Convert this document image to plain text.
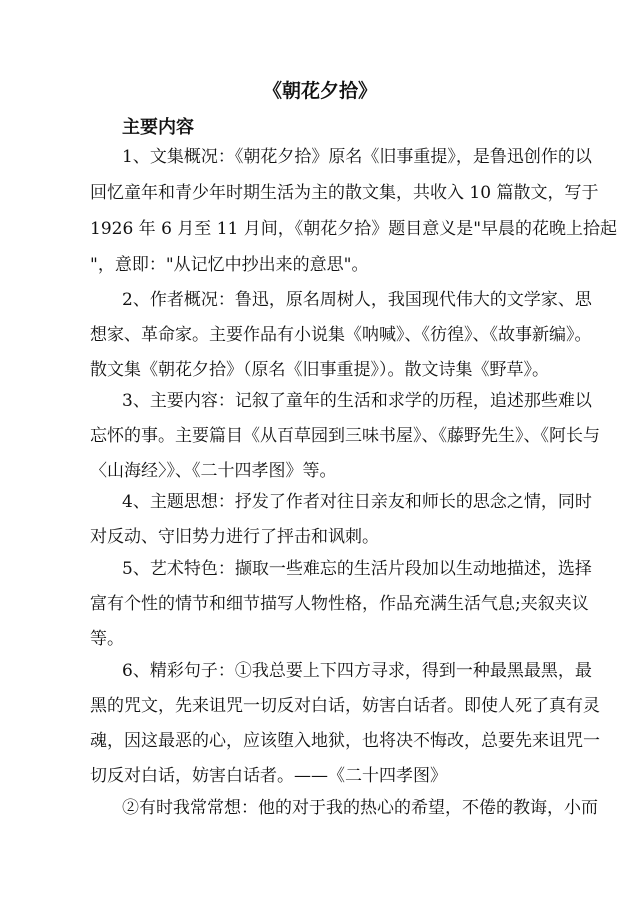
《朝花夕拾》
主要内容
1、文集概况：《朝花夕拾》原名《旧事重提》，是鲁迅创作的以
回忆童年和青少年时期生活为主的散文集，共收入 10 篇散文，写于
1926 年 6 月至 11 月间，《朝花夕拾》题目意义是"早晨的花晚上拾起
"，意即："从记忆中抄出来的意思"。
2、作者概况：鲁迅，原名周树人，我国现代伟大的文学家、思
想家、革命家。主要作品有小说集《呐喊》、《彷徨》、《故事新编》。
散文集《朝花夕拾》（原名《旧事重提》）。散文诗集《野草》。
3、主要内容：记叙了童年的生活和求学的历程，追述那些难以
忘怀的事。主要篇目《从百草园到三味书屋》、《藤野先生》、《阿长与
〈山海经〉》、《二十四孝图》等。
4、主题思想：抒发了作者对往日亲友和师长的思念之情，同时
对反动、守旧势力进行了抨击和讽刺。
5、艺术特色：撷取一些难忘的生活片段加以生动地描述，选择
富有个性的情节和细节描写人物性格，作品充满生活气息;夹叙夹议
等。
6、精彩句子：①我总要上下四方寻求，得到一种最黑最黑，最
黑的咒文，先来诅咒一切反对白话，妨害白话者。即使人死了真有灵
魂，因这最恶的心，应该堕入地狱，也将决不悔改，总要先来诅咒一
切反对白话，妨害白话者。——《二十四孝图》
②有时我常常想：他的对于我的热心的希望，不倦的教诲，小而
